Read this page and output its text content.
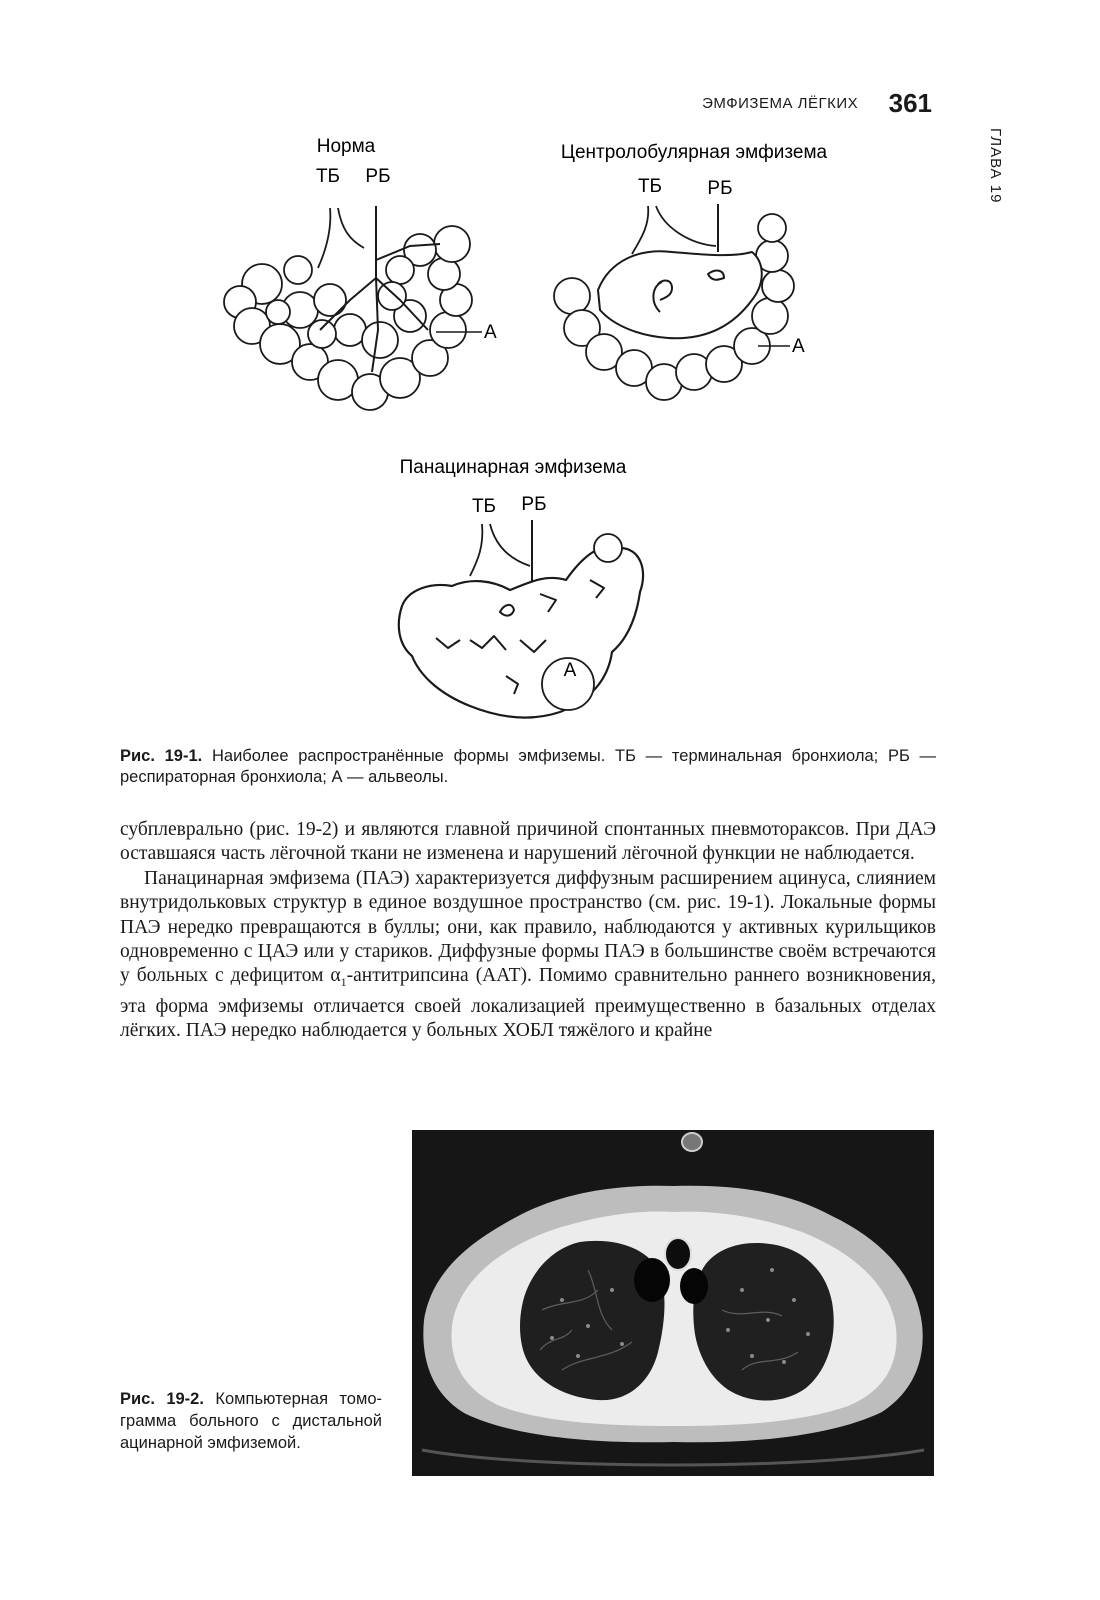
ЭМФИЗЕМА ЛЁГКИХ 361
ГЛАВА 19
Норма
ТБ РБ
А
Центролобулярная эмфизема
ТБ РБ
А
Панацинарная эмфизема
ТБ РБ
А
Рис. 19-1. Наиболее распространённые формы эмфиземы. ТБ — терминальная бронхиола; РБ — респираторная бронхиола; А — альвеолы.

субплеврально (рис. 19-2) и являются главной причиной спонтанных пневмотораксов. При ДАЭ оставшаяся часть лёгочной ткани не изменена и нарушений лёгочной функции не наблюдается.

Панацинарная эмфизема (ПАЭ) характеризуется диффузным расширением ацинуса, слиянием внутридольковых структур в единое воздушное пространство (см. рис. 19-1). Локальные формы ПАЭ нередко превращаются в буллы; они, как правило, наблюдаются у активных курильщиков одновременно с ЦАЭ или у стариков. Диффузные формы ПАЭ в большинстве своём встречаются у больных с дефицитом $\alpha_1$-антитрипсина (ААТ). Помимо сравнительно раннего возникновения, эта форма эмфиземы отличается своей локализацией преимущественно в базальных отделах лёгких. ПАЭ нередко наблюдается у больных ХОБЛ тяжёлого и крайне

Рис. 19-2. Компьютерная томограмма больного с дистальной ацинарной эмфиземой.
